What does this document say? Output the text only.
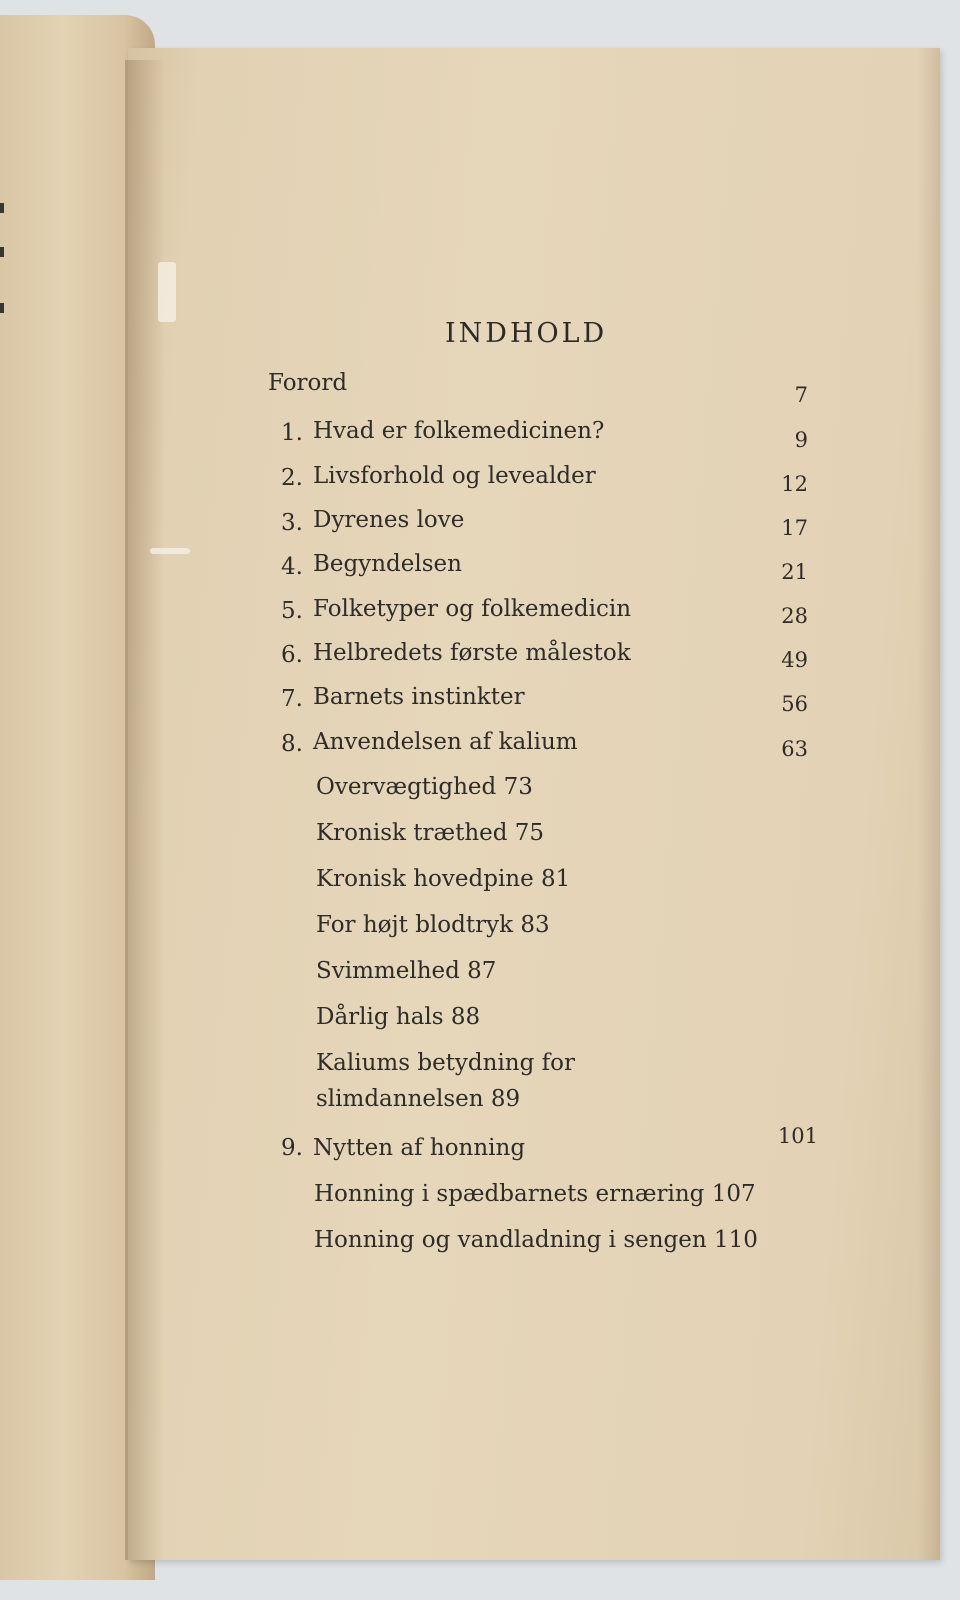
INDHOLD
Forord	7
1. Hvad er folkemedicinen?	9
2. Livsforhold og levealder	12
3. Dyrenes love	17
4. Begyndelsen	21
5. Folketyper og folkemedicin	28
6. Helbredets første målestok	49
7. Barnets instinkter	56
8. Anvendelsen af kalium	63
Overvægtighed 73
Kronisk træthed 75
Kronisk hovedpine 81
For højt blodtryk 83
Svimmelhed 87
Dårlig hals 88
Kaliums betydning for
slimdannelsen 89
9. Nytten af honning	101
Honning i spædbarnets ernæring 107
Honning og vandladning i sengen 110
